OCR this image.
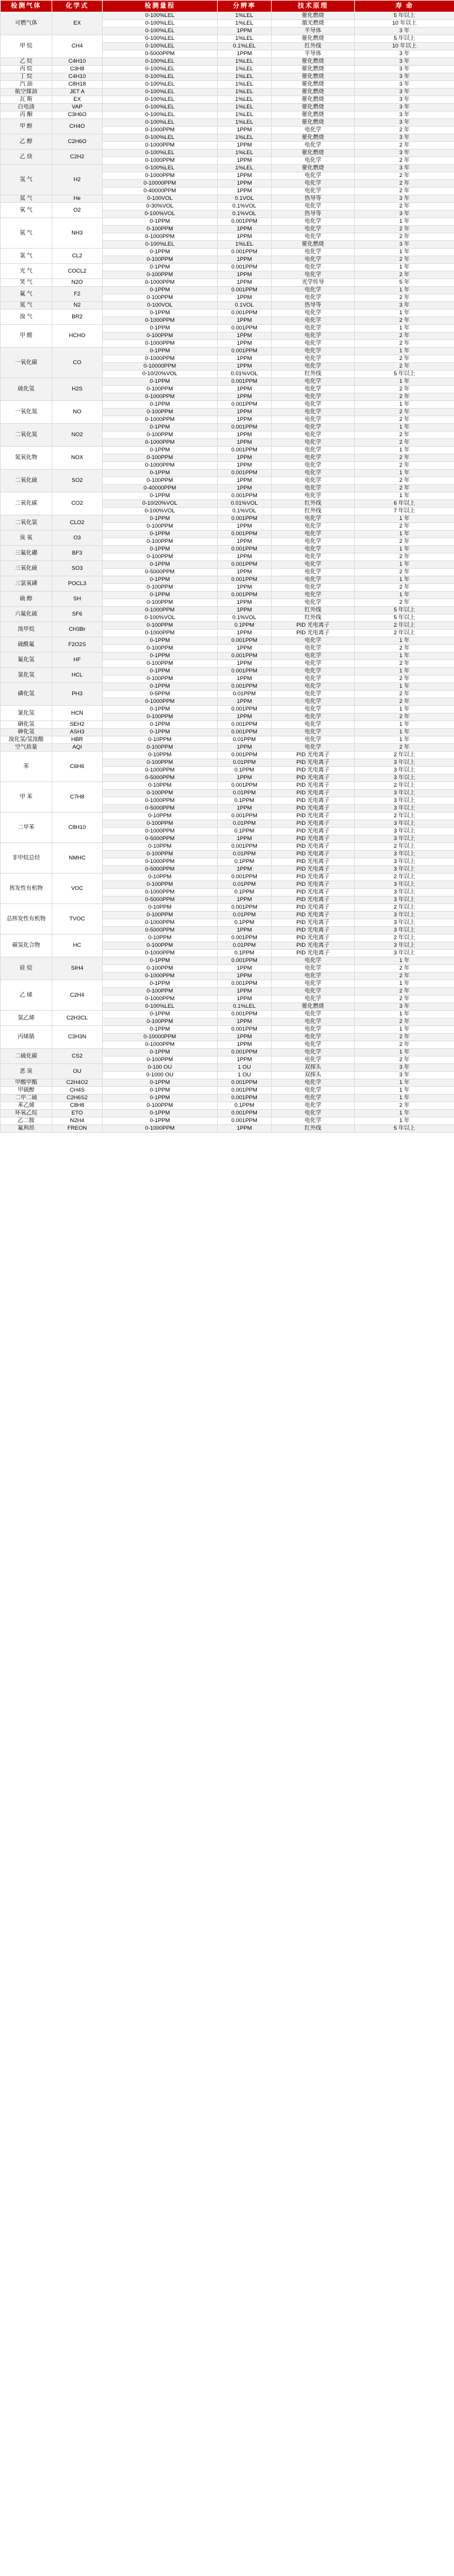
检测气体	化学式	检测量程	分辨率	技术原理	寿 命
可燃气体	EX	0-100%LEL	1%LEL	催化燃烧	5 年以上
		0-100%LEL	1%LEL	激光燃烧	10 年以上
		0-100%LEL	1PPM	半导体	3 年
甲 烷	CH4	0-100%LEL	1%LEL	催化燃烧	5 年以上
		0-100%LEL	0.1%LEL	红外线	10 年以上
		0-5000PPM	1PPM	半导体	3 年
乙 烷	C4H10	0-100%LEL	1%LEL	催化燃烧	3 年
丙 烷	C3H8	0-100%LEL	1%LEL	催化燃烧	3 年
丁 烷	C4H10	0-100%LEL	1%LEL	催化燃烧	3 年
汽 油	C8H18	0-100%LEL	1%LEL	催化燃烧	3 年
航空煤油	JET A	0-100%LEL	1%LEL	催化燃烧	3 年
瓦 斯	EX	0-100%LEL	1%LEL	催化燃烧	3 年
白电油	VAP	0-100%LEL	1%LEL	催化燃烧	3 年
丙 酮	C3H6O	0-100%LEL	1%LEL	催化燃烧	3 年
甲 醇	CH4O	0-100%LEL	1%LEL	催化燃烧	3 年
		0-1000PPM	1PPM	电化学	2 年
乙 醇	C2H6O	0-100%LEL	1%LEL	催化燃烧	3 年
		0-1000PPM	1PPM	电化学	2 年
乙 炔	C2H2	0-100%LEL	1%LEL	催化燃烧	3 年
		0-1000PPM	1PPM	电化学	2 年
氢 气	H2	0-100%LEL	1%LEL	催化燃烧	3 年
		0-1000PPM	1PPM	电化学	2 年
		0-10000PPM	1PPM	电化学	2 年
		0-40000PPM	1PPM	电化学	2 年
氦 气	He	0-100VOL	0.1VOL	热导等	3 年
氧 气	O2	0-30%VOL	0.1%VOL	电化学	2 年
		0-100%VOL	0.1%VOL	热导等	3 年
氨 气	NH3	0-1PPM	0.001PPM	电化学	1 年
		0-100PPM	1PPM	电化学	2 年
		0-1000PPM	1PPM	电化学	2 年
		0-100%LEL	1%LEL	催化燃烧	3 年
氯 气	CL2	0-1PPM	0.001PPM	电化学	1 年
		0-100PPM	1PPM	电化学	2 年
光 气	COCL2	0-1PPM	0.001PPM	电化学	1 年
		0-100PPM	1PPM	电化学	2 年
笑 气	N2O	0-1000PPM	1PPM	光学传导	5 年
氟 气	F2	0-1PPM	0.001PPM	电化学	1 年
		0-100PPM	1PPM	电化学	2 年
氮 气	N2	0-100VOL	0.1VOL	热导等	3 年
溴 气	BR2	0-1PPM	0.001PPM	电化学	1 年
		0-1000PPM	1PPM	电化学	2 年
甲 醛	HCHO	0-1PPM	0.001PPM	电化学	1 年
		0-100PPM	1PPM	电化学	2 年
		0-1000PPM	1PPM	电化学	2 年
一氧化碳	CO	0-1PPM	0.001PPM	电化学	1 年
		0-1000PPM	1PPM	电化学	2 年
		0-10000PPM	1PPM	电化学	2 年
		0-10/20%VOL	0.01%VOL	红外线	5 年以上
硫化氢	H2S	0-1PPM	0.001PPM	电化学	1 年
		0-100PPM	1PPM	电化学	2 年
		0-1000PPM	1PPM	电化学	2 年
一氧化氮	NO	0-1PPM	0.001PPM	电化学	1 年
		0-100PPM	1PPM	电化学	2 年
		0-1000PPM	1PPM	电化学	2 年
二氧化氮	NO2	0-1PPM	0.001PPM	电化学	1 年
		0-100PPM	1PPM	电化学	2 年
		0-1000PPM	1PPM	电化学	2 年
氮氧化物	NOX	0-1PPM	0.001PPM	电化学	1 年
		0-100PPM	1PPM	电化学	2 年
		0-1000PPM	1PPM	电化学	2 年
二氧化硫	SO2	0-1PPM	0.001PPM	电化学	1 年
		0-100PPM	1PPM	电化学	2 年
		0-40000PPM	1PPM	电化学	2 年
二氧化碳	CO2	0-1PPM	0.001PPM	电化学	1 年
		0-10/20%VOL	0.01%VOL	红外线	6 年以上
		0-100%VOL	0.1%VOL	红外线	7 年以上
二氧化氯	CLO2	0-1PPM	0.001PPM	电化学	1 年
		0-100PPM	1PPM	电化学	2 年
臭 氧	O3	0-1PPM	0.001PPM	电化学	1 年
		0-100PPM	1PPM	电化学	2 年
三氟化硼	BF3	0-1PPM	0.001PPM	电化学	1 年
		0-100PPM	1PPM	电化学	2 年
三氧化硫	SO3	0-1PPM	0.001PPM	电化学	1 年
		0-5000PPM	1PPM	电化学	2 年
三氯氧磷	POCL3	0-1PPM	0.001PPM	电化学	1 年
		0-100PPM	1PPM	电化学	2 年
硫 醇	SH	0-1PPM	0.001PPM	电化学	1 年
		0-100PPM	1PPM	电化学	2 年
六氟化硫	SF6	0-1000PPM	1PPM	红外线	5 年以上
		0-100%VOL	0.1%VOL	红外线	5 年以上
溴甲烷	CH3Br	0-100PPM	0.1PPM	PID 光电离子	2 年以上
		0-1000PPM	1PPM	PID 光电离子	2 年以上
硫酰氟	F2O2S	0-1PPM	0.001PPM	电化学	1 年
		0-100PPM	1PPM	电化学	2 年
氟化氢	HF	0-1PPM	0.001PPM	电化学	1 年
		0-100PPM	1PPM	电化学	2 年
氯化氢	HCL	0-1PPM	0.001PPM	电化学	1 年
		0-100PPM	1PPM	电化学	2 年
磷化氢	PH3	0-1PPM	0.001PPM	电化学	1 年
		0-5PPM	0.01PPM	电化学	2 年
		0-1000PPM	1PPM	电化学	2 年
氰化氢	HCN	0-1PPM	0.001PPM	电化学	1 年
		0-100PPM	1PPM	电化学	2 年
硒化氢	SEH2	0-1PPM	0.001PPM	电化学	1 年
砷化氢	ASH3	0-1PPM	0.001PPM	电化学	1 年
溴化氢/氢溴酸	HBR	0-10PPM	0.01PPM	电化学	1 年
空气质量	AQI	0-100PPM	1PPM	电化学	2 年
苯	C6H6	0-10PPM	0.001PPM	PID 光电离子	2 年以上
		0-100PPM	0.01PPM	PID 光电离子	3 年以上
		0-1000PPM	0.1PPM	PID 光电离子	3 年以上
		0-5000PPM	1PPM	PID 光电离子	3 年以上
甲 苯	C7H8	0-10PPM	0.001PPM	PID 光电离子	2 年以上
		0-100PPM	0.01PPM	PID 光电离子	3 年以上
		0-1000PPM	0.1PPM	PID 光电离子	3 年以上
		0-5000PPM	1PPM	PID 光电离子	3 年以上
二甲苯	C8H10	0-10PPM	0.001PPM	PID 光电离子	2 年以上
		0-100PPM	0.01PPM	PID 光电离子	3 年以上
		0-1000PPM	0.1PPM	PID 光电离子	3 年以上
		0-5000PPM	1PPM	PID 光电离子	3 年以上
非甲烷总烃	NMHC	0-10PPM	0.001PPM	PID 光电离子	2 年以上
		0-100PPM	0.01PPM	PID 光电离子	3 年以上
		0-1000PPM	0.1PPM	PID 光电离子	3 年以上
		0-5000PPM	1PPM	PID 光电离子	3 年以上
挥发性有机物	VOC	0-10PPM	0.001PPM	PID 光电离子	2 年以上
		0-100PPM	0.01PPM	PID 光电离子	3 年以上
		0-1000PPM	0.1PPM	PID 光电离子	3 年以上
		0-5000PPM	1PPM	PID 光电离子	3 年以上
总挥发性有机物	TVOC	0-10PPM	0.001PPM	PID 光电离子	2 年以上
		0-100PPM	0.01PPM	PID 光电离子	3 年以上
		0-1000PPM	0.1PPM	PID 光电离子	3 年以上
		0-5000PPM	1PPM	PID 光电离子	3 年以上
碳氢化合物	HC	0-10PPM	0.001PPM	PID 光电离子	2 年以上
		0-100PPM	0.01PPM	PID 光电离子	3 年以上
		0-1000PPM	0.1PPM	PID 光电离子	3 年以上
硅 烷	SIH4	0-1PPM	0.001PPM	电化学	1 年
		0-100PPM	1PPM	电化学	2 年
		0-1000PPM	1PPM	电化学	2 年
乙 烯	C2H4	0-1PPM	0.001PPM	电化学	1 年
		0-100PPM	1PPM	电化学	2 年
		0-1000PPM	1PPM	电化学	2 年
		0-100%LEL	0.1%LEL	催化燃烧	3 年
氯乙烯	C2H3CL	0-1PPM	0.001PPM	电化学	1 年
		0-100PPM	1PPM	电化学	2 年
丙烯腈	C3H3N	0-1PPM	0.001PPM	电化学	1 年
		0-10000PPM	1PPM	电化学	2 年
		0-1000PPM	1PPM	电化学	2 年
二硫化碳	CS2	0-1PPM	0.001PPM	电化学	1 年
		0-100PPM	1PPM	电化学	2 年
恶 臭	OU	0-100 OU	1 OU	双探头	3 年
		0-1000 OU	1 OU	双探头	3 年
甲酸甲酯	C2H4O2	0-1PPM	0.001PPM	电化学	1 年
甲硫醇	CH4S	0-1PPM	0.001PPM	电化学	1 年
二甲二硫	C2H6S2	0-1PPM	0.001PPM	电化学	1 年
苯乙烯	C8H8	0-100PPM	0.1PPM	电化学	2 年
环氧乙烷	ETO	0-1PPM	0.001PPM	电化学	1 年
乙二胺	N2H4	0-1PPM	0.001PPM	电化学	1 年
氟利昂	FREON	0-1000PPM	1PPM	红外线	5 年以上
